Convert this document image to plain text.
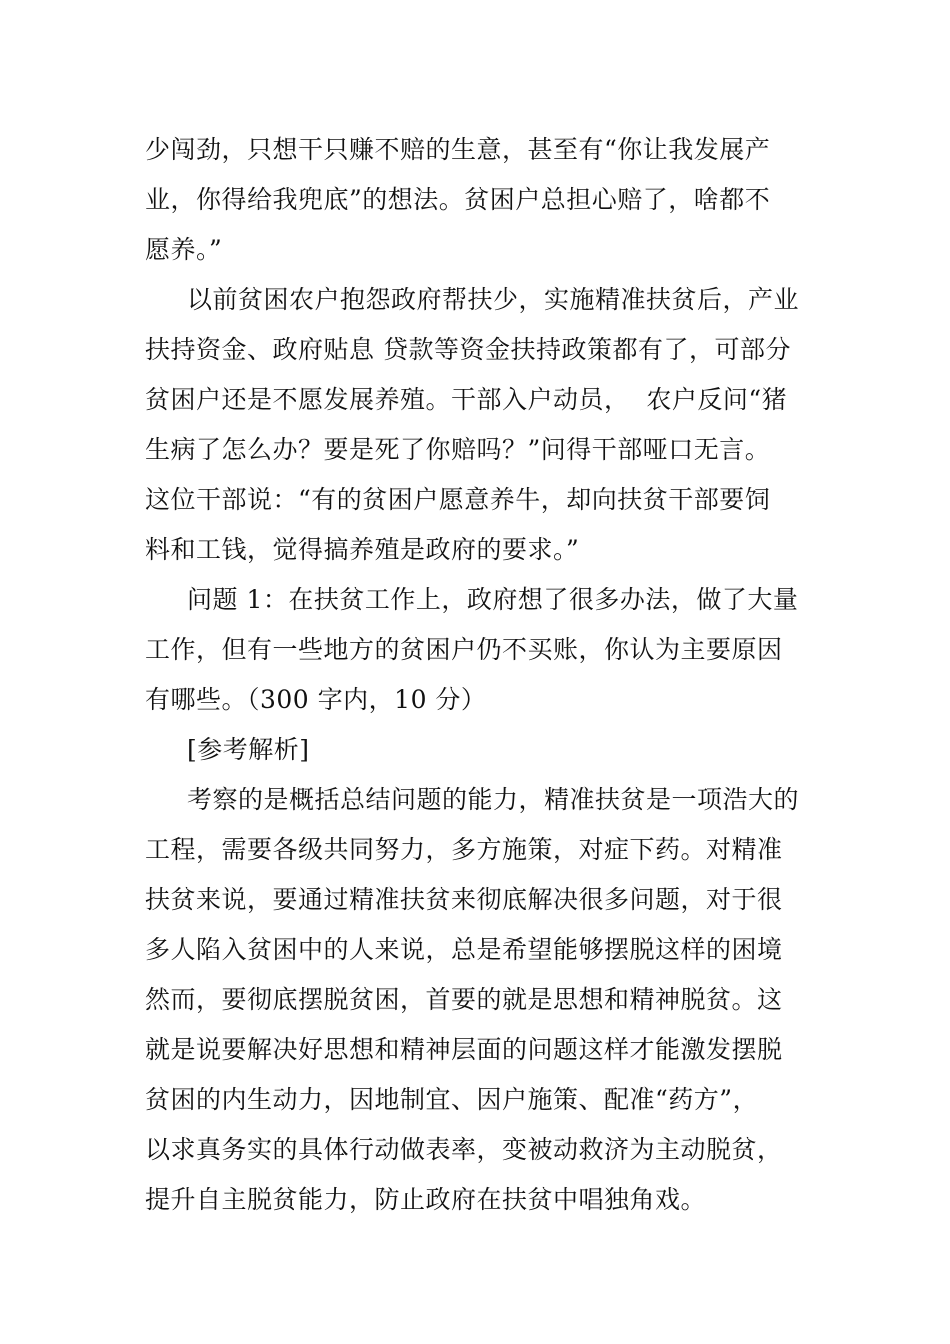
少闯劲，只想干只赚不赔的生意，甚至有“你让我发展产

业，你得给我兜底”的想法。贫困户总担心赔了，啥都不

愿养。”

以前贫困农户抱怨政府帮扶少，实施精准扶贫后，产业

扶持资金、政府贴息 贷款等资金扶持政策都有了，可部分

贫困户还是不愿发展养殖。干部入户动员，  农户反问“猪

生病了怎么办？要是死了你赔吗？”问得干部哑口无言。

这位干部说：“有的贫困户愿意养牛，却向扶贫干部要饲

料和工钱，觉得搞养殖是政府的要求。”

问题 1：在扶贫工作上，政府想了很多办法，做了大量

工作，但有一些地方的贫困户仍不买账，你认为主要原因

有哪些。（300 字内，10 分）

[参考解析]

考察的是概括总结问题的能力，精准扶贫是一项浩大的

工程，需要各级共同努力，多方施策，对症下药。对精准

扶贫来说，要通过精准扶贫来彻底解决很多问题，对于很

多人陷入贫困中的人来说，总是希望能够摆脱这样的困境

然而，要彻底摆脱贫困，首要的就是思想和精神脱贫。这

就是说要解决好思想和精神层面的问题这样才能激发摆脱

贫困的内生动力，因地制宜、因户施策、配准“药方”，

以求真务实的具体行动做表率，变被动救济为主动脱贫，

提升自主脱贫能力，防止政府在扶贫中唱独角戏。
